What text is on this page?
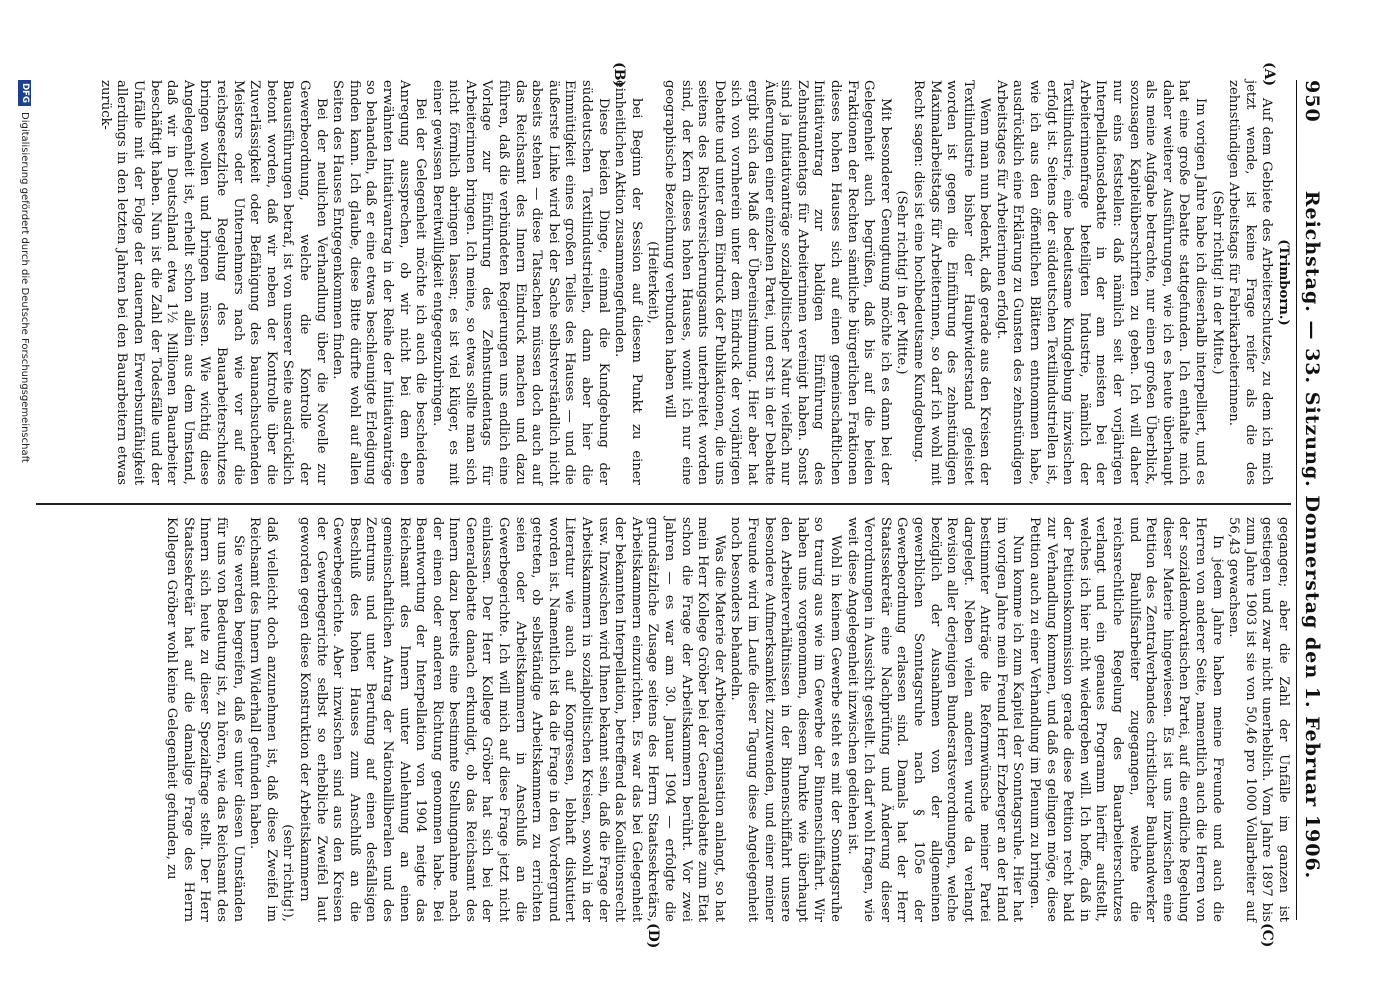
950
Reichstag. — 33. Sitzung. Donnerstag den 1. Februar 1906.
(A)
(B)
(C)
(D)

(Trimborn.)

Auf dem Gebiete des Arbeiterschutzes, zu dem ich mich jetzt wende, ist keine Frage reifer als die des zehnstündigen Arbeitstags für Fabrikarbeiterinnen.

(Sehr richtig! in der Mitte.)

Im vorigen Jahre habe ich dieserhalb interpelliert, und es hat eine große Debatte stattgefunden. Ich enthalte mich daher weiterer Ausführungen, wie ich es heute überhaupt als meine Aufgabe betrachte, nur einen großen Überblick, sozusagen Kapitelüberschriften zu geben. Ich will daher nur eins feststellen: daß nämlich seit der vorjährigen Interpellationsdebatte in der am meisten bei der Arbeiterinnenfrage beteiligten Industrie, nämlich der Textilindustrie, eine bedeutsame Kundgebung inzwischen erfolgt ist. Seitens der süddeutschen Textilindustriellen ist, wie ich aus den öffentlichen Blättern entnommen habe, ausdrücklich eine Erklärung zu Gunsten des zehnstündigen Arbeitstages für Arbeiterinnen erfolgt.

Wenn man nun bedenkt, daß gerade aus den Kreisen der Textilindustrie bisher der Hauptwiderstand geleistet worden ist gegen die Einführung des zehnstündigen Maximalarbeitstags für Arbeiterinnen, so darf ich wohl mit Recht sagen: dies ist eine hochbedeutsame Kundgebung.

(Sehr richtig! in der Mitte.)

Mit besonderer Genugtuung möchte ich es dann bei der Gelegenheit auch begrüßen, daß bis auf die beiden Fraktionen der Rechten sämtliche bürgerlichen Fraktionen dieses hohen Hauses sich auf einen gemeinschaftlichen Initiativantrag zur baldigen Einführung des Zehnstundentags für Arbeiterinnen vereinigt haben. Sonst sind ja Initiativanträge sozialpolitischer Natur vielfach nur Äußerungen einer einzelnen Partei, und erst in der Debatte ergibt sich das Maß der Übereinstimmung. Hier aber hat sich von vornherein unter dem Eindruck der vorjährigen Debatte und unter dem Eindruck der Publikationen, die uns seitens des Reichsversicherungsamts unterbreitet worden sind, der Kern dieses hohen Hauses, womit ich nur eine geographische Bezeichnung verbunden haben will

(Heiterkeit),

bei Beginn der Session auf diesem Punkt zu einer einheitlichen Aktion zusammengefunden.

Diese beiden Dinge, einmal die Kundgebung der süddeutschen Textilindustriellen, dann aber hier die Einmütigkeit eines großen Teiles des Hauses — und die äußerste Linke wird bei der Sache selbstverständlich nicht abseits stehen — diese Tatsachen müssen doch auch auf das Reichsamt des Innern Eindruck machen und dazu führen, daß die verbündeten Regierungen uns endlich eine Vorlage zur Einführung des Zehnstundentags für Arbeiterinnen bringen. Ich meine, so etwas sollte man sich nicht förmlich abringen lassen; es ist viel klüger, es mit einer gewissen Bereitwilligkeit entgegenzubringen.

Bei der Gelegenheit möchte ich auch die bescheidene Anregung aussprechen, ob wir nicht bei dem eben erwähnten Initiativantrag in der Reihe der Initiativanträge so behandeln, daß er eine etwas beschleunigte Erledigung finden kann. Ich glaube, diese Bitte dürfte wohl auf allen Seiten des Hauses Entgegenkommen finden.

Bei der neulichen Verhandlung über die Novelle zur Gewerbeordnung, welche die Kontrolle der Bauausführungen betraf, ist von unserer Seite ausdrücklich betont worden, daß wir neben der Kontrolle über die Zuverlässigkeit oder Befähigung des baunachsuchenden Meisters oder Unternehmers nach wie vor auf die reichsgesetzliche Regelung des Bauarbeiterschutzes bringen wollen und bringen müssen. Wie wichtig diese Angelegenheit ist, erhellt schon allein aus dem Umstand, daß wir in Deutschland etwa 1½ Millionen Bauarbeiter beschäftigt haben. Nun ist die Zahl der Todesfälle und der Unfälle mit der Folge der dauernden Erwerbsunfähigkeit allerdings in den letzten Jahren bei den Bauarbeitern etwas zurück-

gegangen; aber die Zahl der Unfälle im ganzen ist gestiegen und zwar nicht unerheblich. Vom Jahre 1897 bis zum Jahre 1903 ist sie von 50,46 pro 1000 Vollarbeiter auf 56,43 gewachsen.

In jedem Jahre haben meine Freunde und auch die Herren von anderer Seite, namentlich auch die Herren von der sozialdemokratischen Partei, auf die endliche Regelung dieser Materie hingewiesen. Es ist uns inzwischen eine Petition des Zentralverbandes christlicher Bauhandwerker und Bauhilfsarbeiter zugegangen, welche die reichsrechtliche Regelung des Bauarbeiterschutzes verlangt und ein genaues Programm hierfür aufstellt, welches ich hier nicht wiedergeben will. Ich hoffe, daß in der Petitionskommission gerade diese Petition recht bald zur Verhandlung kommen, und daß es gelingen möge, diese Petition auch zu einer Verhandlung im Plenum zu bringen.

Nun komme ich zum Kapitel der Sonntagsruhe. Hier hat im vorigen Jahre mein Freund Herr Erzberger an der Hand bestimmter Anträge die Reformwünsche meiner Partei dargelegt. Neben vielen anderen wurde da verlangt Revision aller derjenigen Bundesratsverordnungen, welche bezüglich der Ausnahmen von der allgemeinen gewerblichen Sonntagsruhe nach § 105e der Gewerbeordnung erlassen sind. Damals hat der Herr Staatssekretär eine Nachprüfung und Änderung dieser Verordnungen in Aussicht gestellt. Ich darf wohl fragen, wie weit diese Angelegenheit inzwischen gediehen ist.

Wohl in keinem Gewerbe steht es mit der Sonntagsruhe so traurig aus wie im Gewerbe der Binnenschiffahrt. Wir haben uns vorgenommen, diesem Punkte wie überhaupt den Arbeiterverhältnissen in der Binnenschiffahrt unsere besondere Aufmerksamkeit zuzuwenden, und einer meiner Freunde wird im Laufe dieser Tagung diese Angelegenheit noch besonders behandeln.

Was die Materie der Arbeiterorganisation anlangt, so hat mein Herr Kollege Gröber bei der Generaldebatte zum Etat schon die Frage der Arbeitskammern berührt. Vor zwei Jahren — es war am 30. Januar 1904 — erfolgte die grundsätzliche Zusage seitens des Herrn Staatssekretärs, Arbeitskammern einzurichten. Es war das bei Gelegenheit der bekannten Interpellation, betreffend das Koalitionsrecht usw. Inzwischen wird Ihnen bekannt sein, daß die Frage der Arbeitskammern in sozialpolitischen Kreisen, sowohl in der Literatur wie auch auf Kongressen, lebhaft diskutiert worden ist. Namentlich ist da die Frage in den Vordergrund getreten, ob selbständige Arbeitskammern zu errichten seien oder Arbeitskammern in Anschluß an die Gewerbegerichte. Ich will mich auf diese Frage jetzt nicht einlassen. Der Herr Kollege Gröber hat sich bei der Generaldebatte danach erkundigt, ob das Reichsamt des Innern dazu bereits eine bestimmte Stellungnahme nach der einen oder anderen Richtung genommen habe. Bei Beantwortung der Interpellation von 1904 neigte das Reichsamt des Innern unter Anlehnung an einen gemeinschaftlichen Antrag der Nationalliberalen und des Zentrums und unter Berufung auf einen desfallsigen Beschluß des hohen Hauses zum Anschluß an die Gewerbegerichte. Aber inzwischen sind aus den Kreisen der Gewerbegerichte selbst so erhebliche Zweifel laut geworden gegen diese Konstruktion der Arbeitskammern

(sehr richtig!),

daß vielleicht doch anzunehmen ist, daß diese Zweifel im Reichsamt des Innern Widerhall gefunden haben.

Sie werden begreifen, daß es unter diesen Umständen für uns von Bedeutung ist, zu hören, wie das Reichsamt des Innern sich heute zu dieser Spezialfrage stellt. Der Herr Staatssekretär hat auf die damalige Frage des Herrn Kollegen Gröber wohl keine Gelegenheit gefunden, zu

DFG
Digitalisierung gefördert durch die Deutsche Forschungsgemeinschaft
